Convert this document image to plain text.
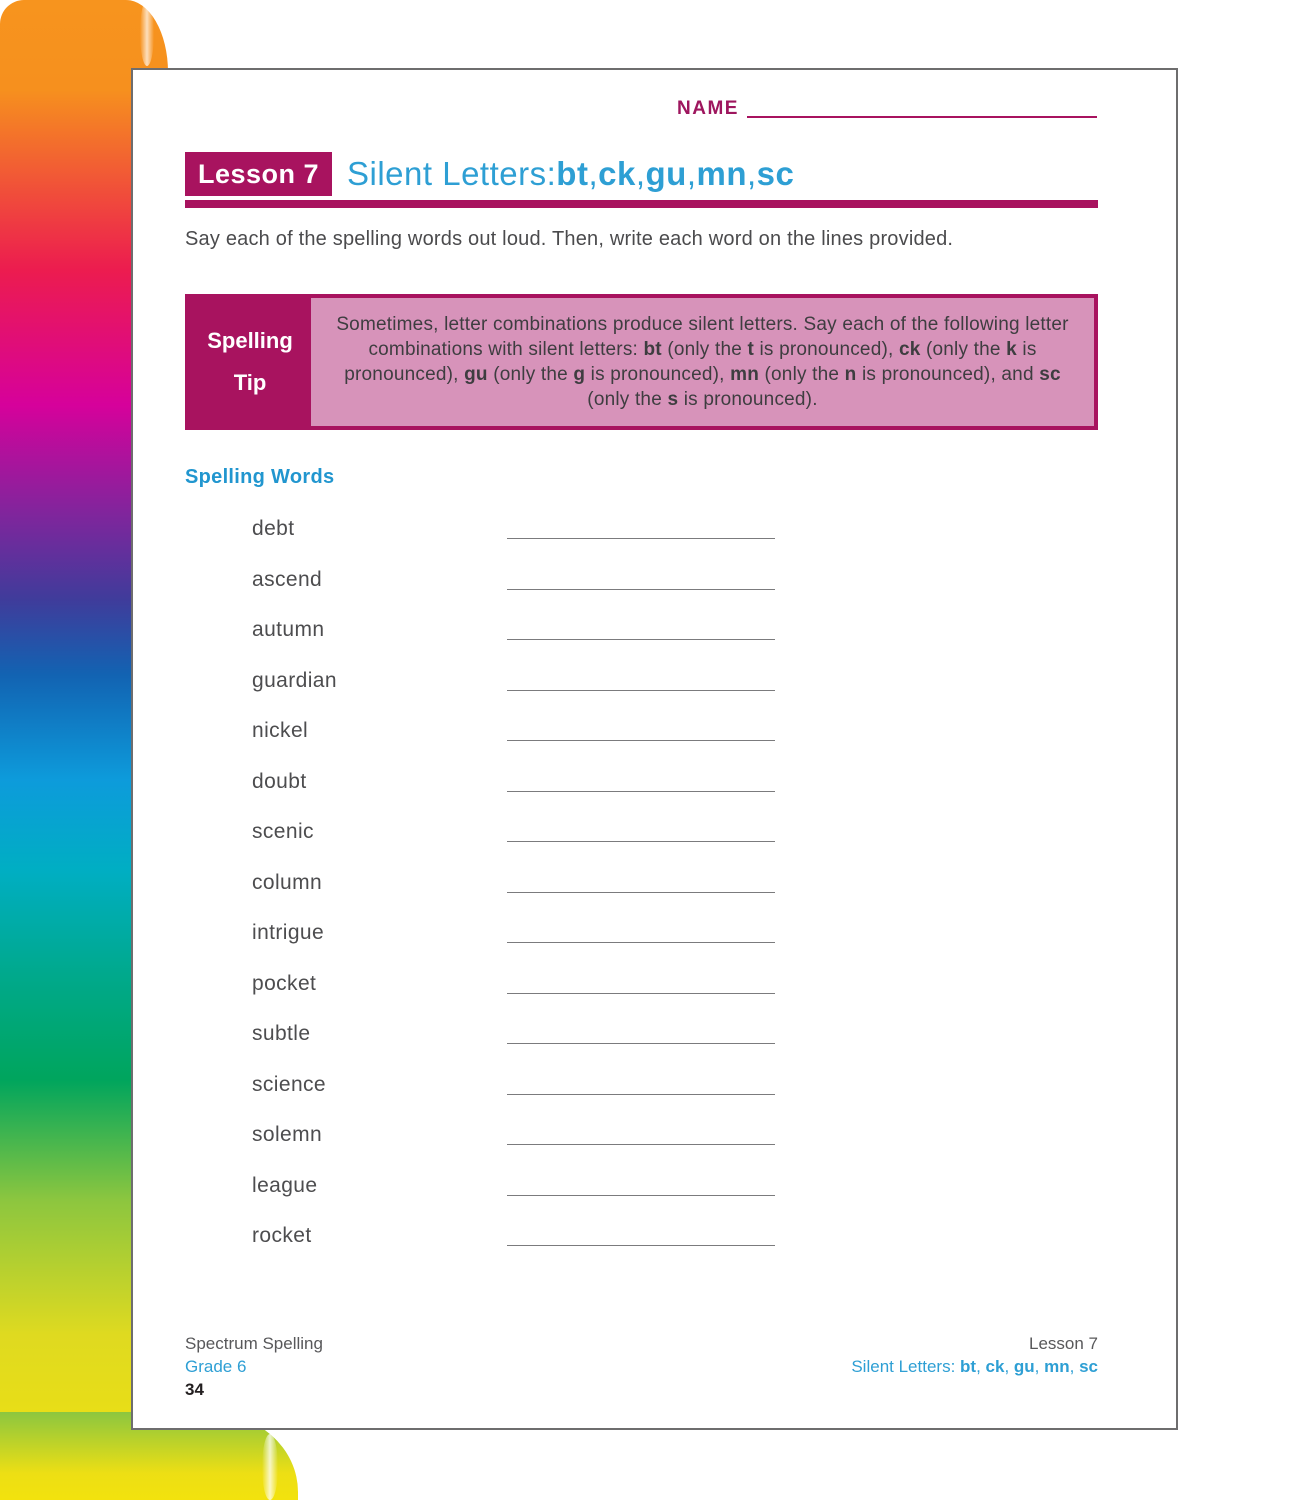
NAME
Lesson 7 Silent Letters: bt , ck , gu , mn , sc
Say each of the spelling words out loud. Then, write each word on the lines provided.
Spelling
Tip
Sometimes, letter combinations produce silent letters. Say each of the following letter combinations with silent letters: bt (only the t is pronounced), ck (only the k is pronounced), gu (only the g is pronounced), mn (only the n is pronounced), and sc (only the s is pronounced).
Spelling Words
debt
ascend
autumn
guardian
nickel
doubt
scenic
column
intrigue
pocket
subtle
science
solemn
league
rocket
Spectrum Spelling
Grade 6
34
Lesson 7
Silent Letters: bt, ck, gu, mn, sc
